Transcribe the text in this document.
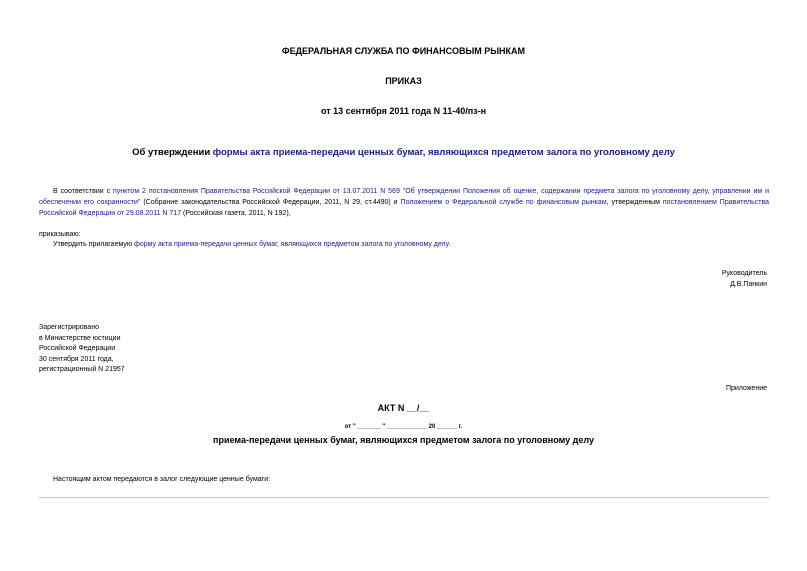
ФЕДЕРАЛЬНАЯ СЛУЖБА ПО ФИНАНСОВЫМ РЫНКАМ
ПРИКАЗ
от 13 сентября 2011 года N 11-40/пз-н
Об утверждении формы акта приема-передачи ценных бумаг, являющихся предметом залога по уголовному делу
В соответствии с пунктом 2 постановления Правительства Российской Федерации от 13.07.2011 N 569 "Об утверждении Положения об оценке, содержании предмета залога по уголовному делу, управлении им и обеспечении его сохранности" (Собрание законодательства Российской Федерации, 2011, N 29, ст.4490) и Положением о Федеральной службе по финансовым рынкам, утвержденным постановлением Правительства Российской Федерации от 29.08.2011 N 717 (Российская газета, 2011, N 192),
приказываю:
Утвердить прилагаемую форму акта приема-передачи ценных бумаг, являющихся предметом залога по уголовному делу.
Руководитель
Д.В.Панкин
Зарегистрировано
в Министерстве юстиции
Российской Федерации
30 сентября 2011 года,
регистрационный N 21957
Приложение
АКТ N __/__
от " _______ " ____________ 20 ______ г.
приема-передачи ценных бумаг, являющихся предметом залога по уголовному делу
Настоящим актом передаются в залог следующие ценные бумаги:
